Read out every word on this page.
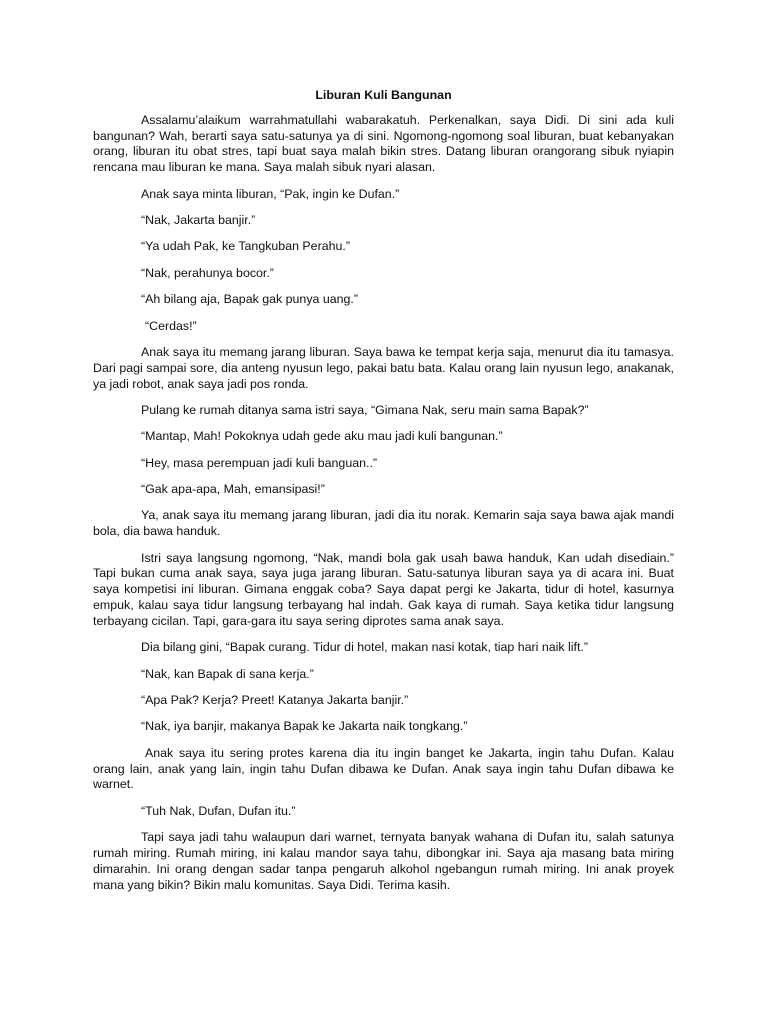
Liburan Kuli Bangunan

Assalamu’alaikum warrahmatullahi wabarakatuh. Perkenalkan, saya Didi. Di sini ada kuli bangunan? Wah, berarti saya satu-satunya ya di sini. Ngomong-ngomong soal liburan, buat kebanyakan orang, liburan itu obat stres, tapi buat saya malah bikin stres. Datang liburan orangorang sibuk nyiapin rencana mau liburan ke mana. Saya malah sibuk nyari alasan.

Anak saya minta liburan, “Pak, ingin ke Dufan.”

“Nak, Jakarta banjir.”

“Ya udah Pak, ke Tangkuban Perahu.”

“Nak, perahunya bocor.”

“Ah bilang aja, Bapak gak punya uang.”

“Cerdas!”

Anak saya itu memang jarang liburan. Saya bawa ke tempat kerja saja, menurut dia itu tamasya. Dari pagi sampai sore, dia anteng nyusun lego, pakai batu bata. Kalau orang lain nyusun lego, anakanak, ya jadi robot, anak saya jadi pos ronda.

Pulang ke rumah ditanya sama istri saya, “Gimana Nak, seru main sama Bapak?”

“Mantap, Mah! Pokoknya udah gede aku mau jadi kuli bangunan.”

“Hey, masa perempuan jadi kuli banguan..”

“Gak apa-apa, Mah, emansipasi!”

Ya, anak saya itu memang jarang liburan, jadi dia itu norak. Kemarin saja saya bawa ajak mandi bola, dia bawa handuk.

Istri saya langsung ngomong, “Nak, mandi bola gak usah bawa handuk, Kan udah disediain.” Tapi bukan cuma anak saya, saya juga jarang liburan. Satu-satunya liburan saya ya di acara ini. Buat saya kompetisi ini liburan. Gimana enggak coba? Saya dapat pergi ke Jakarta, tidur di hotel, kasurnya empuk, kalau saya tidur langsung terbayang hal indah. Gak kaya di rumah. Saya ketika tidur langsung terbayang cicilan. Tapi, gara-gara itu saya sering diprotes sama anak saya.

Dia bilang gini, “Bapak curang. Tidur di hotel, makan nasi kotak, tiap hari naik lift.”

“Nak, kan Bapak di sana kerja.”

“Apa Pak? Kerja? Preet! Katanya Jakarta banjir.”

“Nak, iya banjir, makanya Bapak ke Jakarta naik tongkang.”

Anak saya itu sering protes karena dia itu ingin banget ke Jakarta, ingin tahu Dufan. Kalau orang lain, anak yang lain, ingin tahu Dufan dibawa ke Dufan. Anak saya ingin tahu Dufan dibawa ke warnet.

“Tuh Nak, Dufan, Dufan itu.”

Tapi saya jadi tahu walaupun dari warnet, ternyata banyak wahana di Dufan itu, salah satunya rumah miring. Rumah miring, ini kalau mandor saya tahu, dibongkar ini. Saya aja masang bata miring dimarahin. Ini orang dengan sadar tanpa pengaruh alkohol ngebangun rumah miring. Ini anak proyek mana yang bikin? Bikin malu komunitas. Saya Didi. Terima kasih.
